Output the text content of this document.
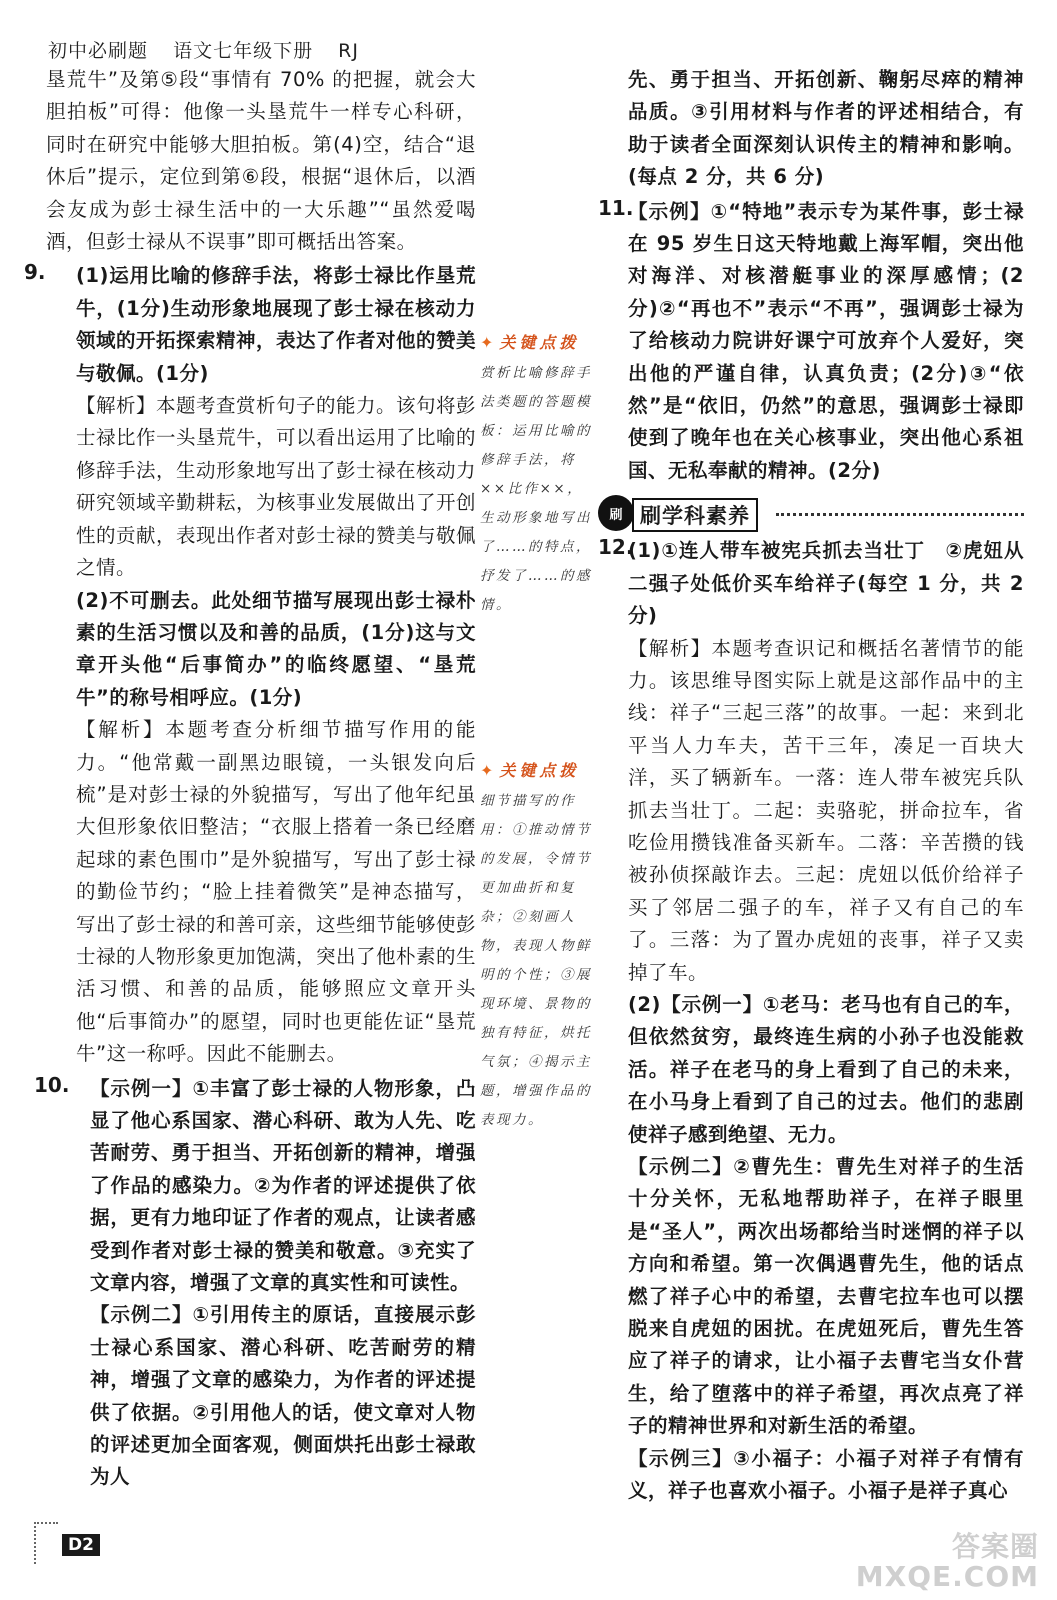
初中必刷题 语文七年级下册 RJ

垦荒牛”及第⑤段“事情有 70% 的把握，就会大胆拍板”可得：他像一头垦荒牛一样专心科研，同时在研究中能够大胆拍板。第(4)空，结合“退休后”提示，定位到第⑥段，根据“退休后，以酒会友成为彭士禄生活中的一大乐趣”“虽然爱喝酒，但彭士禄从不误事”即可概括出答案。

9.	(1)运用比喻的修辞手法，将彭士禄比作垦荒牛，(1分)生动形象地展现了彭士禄在核动力领域的开拓探索精神，表达了作者对他的赞美与敬佩。(1分)

【解析】本题考查赏析句子的能力。该句将彭士禄比作一头垦荒牛，可以看出运用了比喻的修辞手法，生动形象地写出了彭士禄在核动力研究领域辛勤耕耘，为核事业发展做出了开创性的贡献，表现出作者对彭士禄的赞美与敬佩之情。

(2)不可删去。此处细节描写展现出彭士禄朴素的生活习惯以及和善的品质，(1分)这与文章开头他“后事简办”的临终愿望、“垦荒牛”的称号相呼应。(1分)

【解析】本题考查分析细节描写作用的能力。“他常戴一副黑边眼镜，一头银发向后梳”是对彭士禄的外貌描写，写出了他年纪虽大但形象依旧整洁；“衣服上搭着一条已经磨起球的素色围巾”是外貌描写，写出了彭士禄的勤俭节约；“脸上挂着微笑”是神态描写，写出了彭士禄的和善可亲，这些细节能够使彭士禄的人物形象更加饱满，突出了他朴素的生活习惯、和善的品质，能够照应文章开头他“后事简办”的愿望，同时也更能佐证“垦荒牛”这一称呼。因此不能删去。

10.	【示例一】①丰富了彭士禄的人物形象，凸显了他心系国家、潜心科研、敢为人先、吃苦耐劳、勇于担当、开拓创新的精神，增强了作品的感染力。②为作者的评述提供了依据，更有力地印证了作者的观点，让读者感受到作者对彭士禄的赞美和敬意。③充实了文章内容，增强了文章的真实性和可读性。

【示例二】①引用传主的原话，直接展示彭士禄心系国家、潜心科研、吃苦耐劳的精神，增强了文章的感染力，为作者的评述提供了依据。②引用他人的话，使文章对人物的评述更加全面客观，侧面烘托出彭士禄敢为人

✦ 关键点拨
赏析比喻修辞手法类题的答题模板：运用比喻的修辞手法，将××比作××，生动形象地写出了……的特点，抒发了……的感情。
✦ 关键点拨
细节描写的作用：①推动情节的发展，令情节更加曲折和复杂；②刻画人物，表现人物鲜明的个性；③展现环境、景物的独有特征，烘托气氛；④揭示主题，增强作品的表现力。

先、勇于担当、开拓创新、鞠躬尽瘁的精神品质。③引用材料与作者的评述相结合，有助于读者全面深刻认识传主的精神和影响。(每点 2 分，共 6 分)

11.

【示例】①“特地”表示专为某件事，彭士禄在 95 岁生日这天特地戴上海军帽，突出他对海洋、对核潜艇事业的深厚感情；(2分)②“再也不”表示“不再”，强调彭士禄为了给核动力院讲好课宁可放弃个人爱好，突出他的严谨自律，认真负责；(2分)③“依然”是“依旧，仍然”的意思，强调彭士禄即使到了晚年也在关心核事业，突出他心系祖国、无私奉献的精神。(2分)

刷 刷学科素养
12.

(1)①连人带车被宪兵抓去当壮丁　②虎妞从二强子处低价买车给祥子(每空 1 分，共 2 分)

【解析】本题考查识记和概括名著情节的能力。该思维导图实际上就是这部作品中的主线：祥子“三起三落”的故事。一起：来到北平当人力车夫，苦干三年，凑足一百块大洋，买了辆新车。一落：连人带车被宪兵队抓去当壮丁。二起：卖骆驼，拼命拉车，省吃俭用攒钱准备买新车。二落：辛苦攒的钱被孙侦探敲诈去。三起：虎妞以低价给祥子买了邻居二强子的车，祥子又有自己的车了。三落：为了置办虎妞的丧事，祥子又卖掉了车。

(2)【示例一】①老马：老马也有自己的车，但依然贫穷，最终连生病的小孙子也没能救活。祥子在老马的身上看到了自己的未来，在小马身上看到了自己的过去。他们的悲剧使祥子感到绝望、无力。

【示例二】②曹先生：曹先生对祥子的生活十分关怀，无私地帮助祥子，在祥子眼里是“圣人”，两次出场都给当时迷惘的祥子以方向和希望。第一次偶遇曹先生，他的话点燃了祥子心中的希望，去曹宅拉车也可以摆脱来自虎妞的困扰。在虎妞死后，曹先生答应了祥子的请求，让小福子去曹宅当女仆营生，给了堕落中的祥子希望，再次点亮了祥子的精神世界和对新生活的希望。

【示例三】③小福子：小福子对祥子有情有义，祥子也喜欢小福子。小福子是祥子真心

D2	答案圈
MXQE.COM
